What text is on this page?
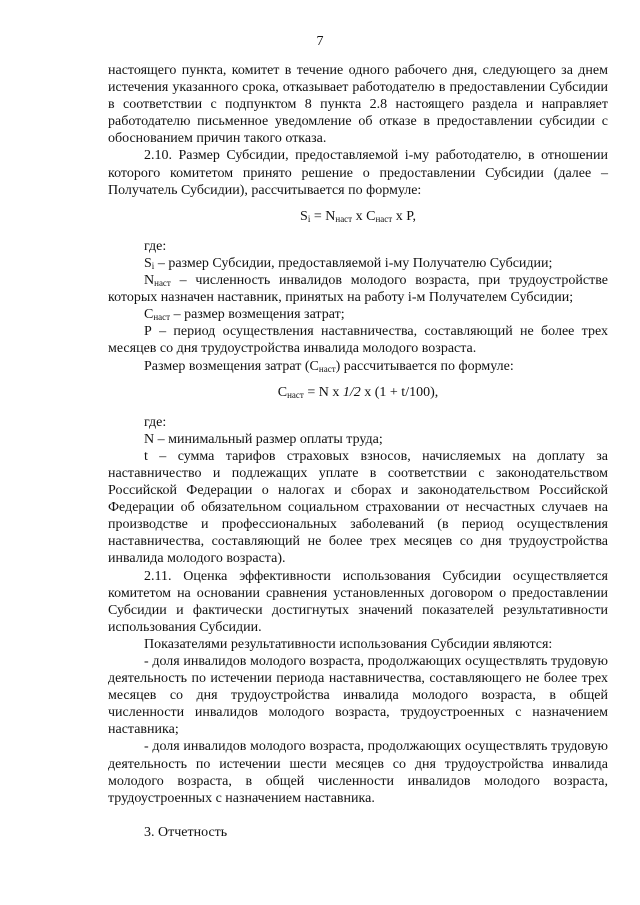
7

настоящего пункта, комитет в течение одного рабочего дня, следующего за днем истечения указанного срока, отказывает работодателю в предоставлении Субсидии в соответствии с подпунктом 8 пункта 2.8 настоящего раздела и направляет работодателю письменное уведомление об отказе в предоставлении субсидии с обоснованием причин такого отказа.

2.10. Размер Субсидии, предоставляемой i-му работодателю, в отношении которого комитетом принято решение о предоставлении Субсидии (далее – Получатель Субсидии), рассчитывается по формуле:

$S_i = N_{наст}$ x $C_{наст}$ x P,

где:

$S_i$ – размер Субсидии, предоставляемой i-му Получателю Субсидии;

$N_{наст}$ – численность инвалидов молодого возраста, при трудоустройстве которых назначен наставник, принятых на работу i-м Получателем Субсидии;

$C_{наст}$ – размер возмещения затрат;

Р – период осуществления наставничества, составляющий не более трех месяцев со дня трудоустройства инвалида молодого возраста.

Размер возмещения затрат $(С_{наст})$ рассчитывается по формуле:

$С_{наст} = N$ x 1/2 x (1 + t/100),

где:

N – минимальный размер оплаты труда;

t – сумма тарифов страховых взносов, начисляемых на доплату за наставничество и подлежащих уплате в соответствии с законодательством Российской Федерации о налогах и сборах и законодательством Российской Федерации об обязательном социальном страховании от несчастных случаев на производстве и профессиональных заболеваний (в период осуществления наставничества, составляющий не более трех месяцев со дня трудоустройства инвалида молодого возраста).

2.11. Оценка эффективности использования Субсидии осуществляется комитетом на основании сравнения установленных договором о предоставлении Субсидии и фактически достигнутых значений показателей результативности использования Субсидии.

Показателями результативности использования Субсидии являются:

- доля инвалидов молодого возраста, продолжающих осуществлять трудовую деятельность по истечении периода наставничества, составляющего не более трех месяцев со дня трудоустройства инвалида молодого возраста, в общей численности инвалидов молодого возраста, трудоустроенных с назначением наставника;

- доля инвалидов молодого возраста, продолжающих осуществлять трудовую деятельность по истечении шести месяцев со дня трудоустройства инвалида молодого возраста, в общей численности инвалидов молодого возраста, трудоустроенных с назначением наставника.

3. Отчетность
